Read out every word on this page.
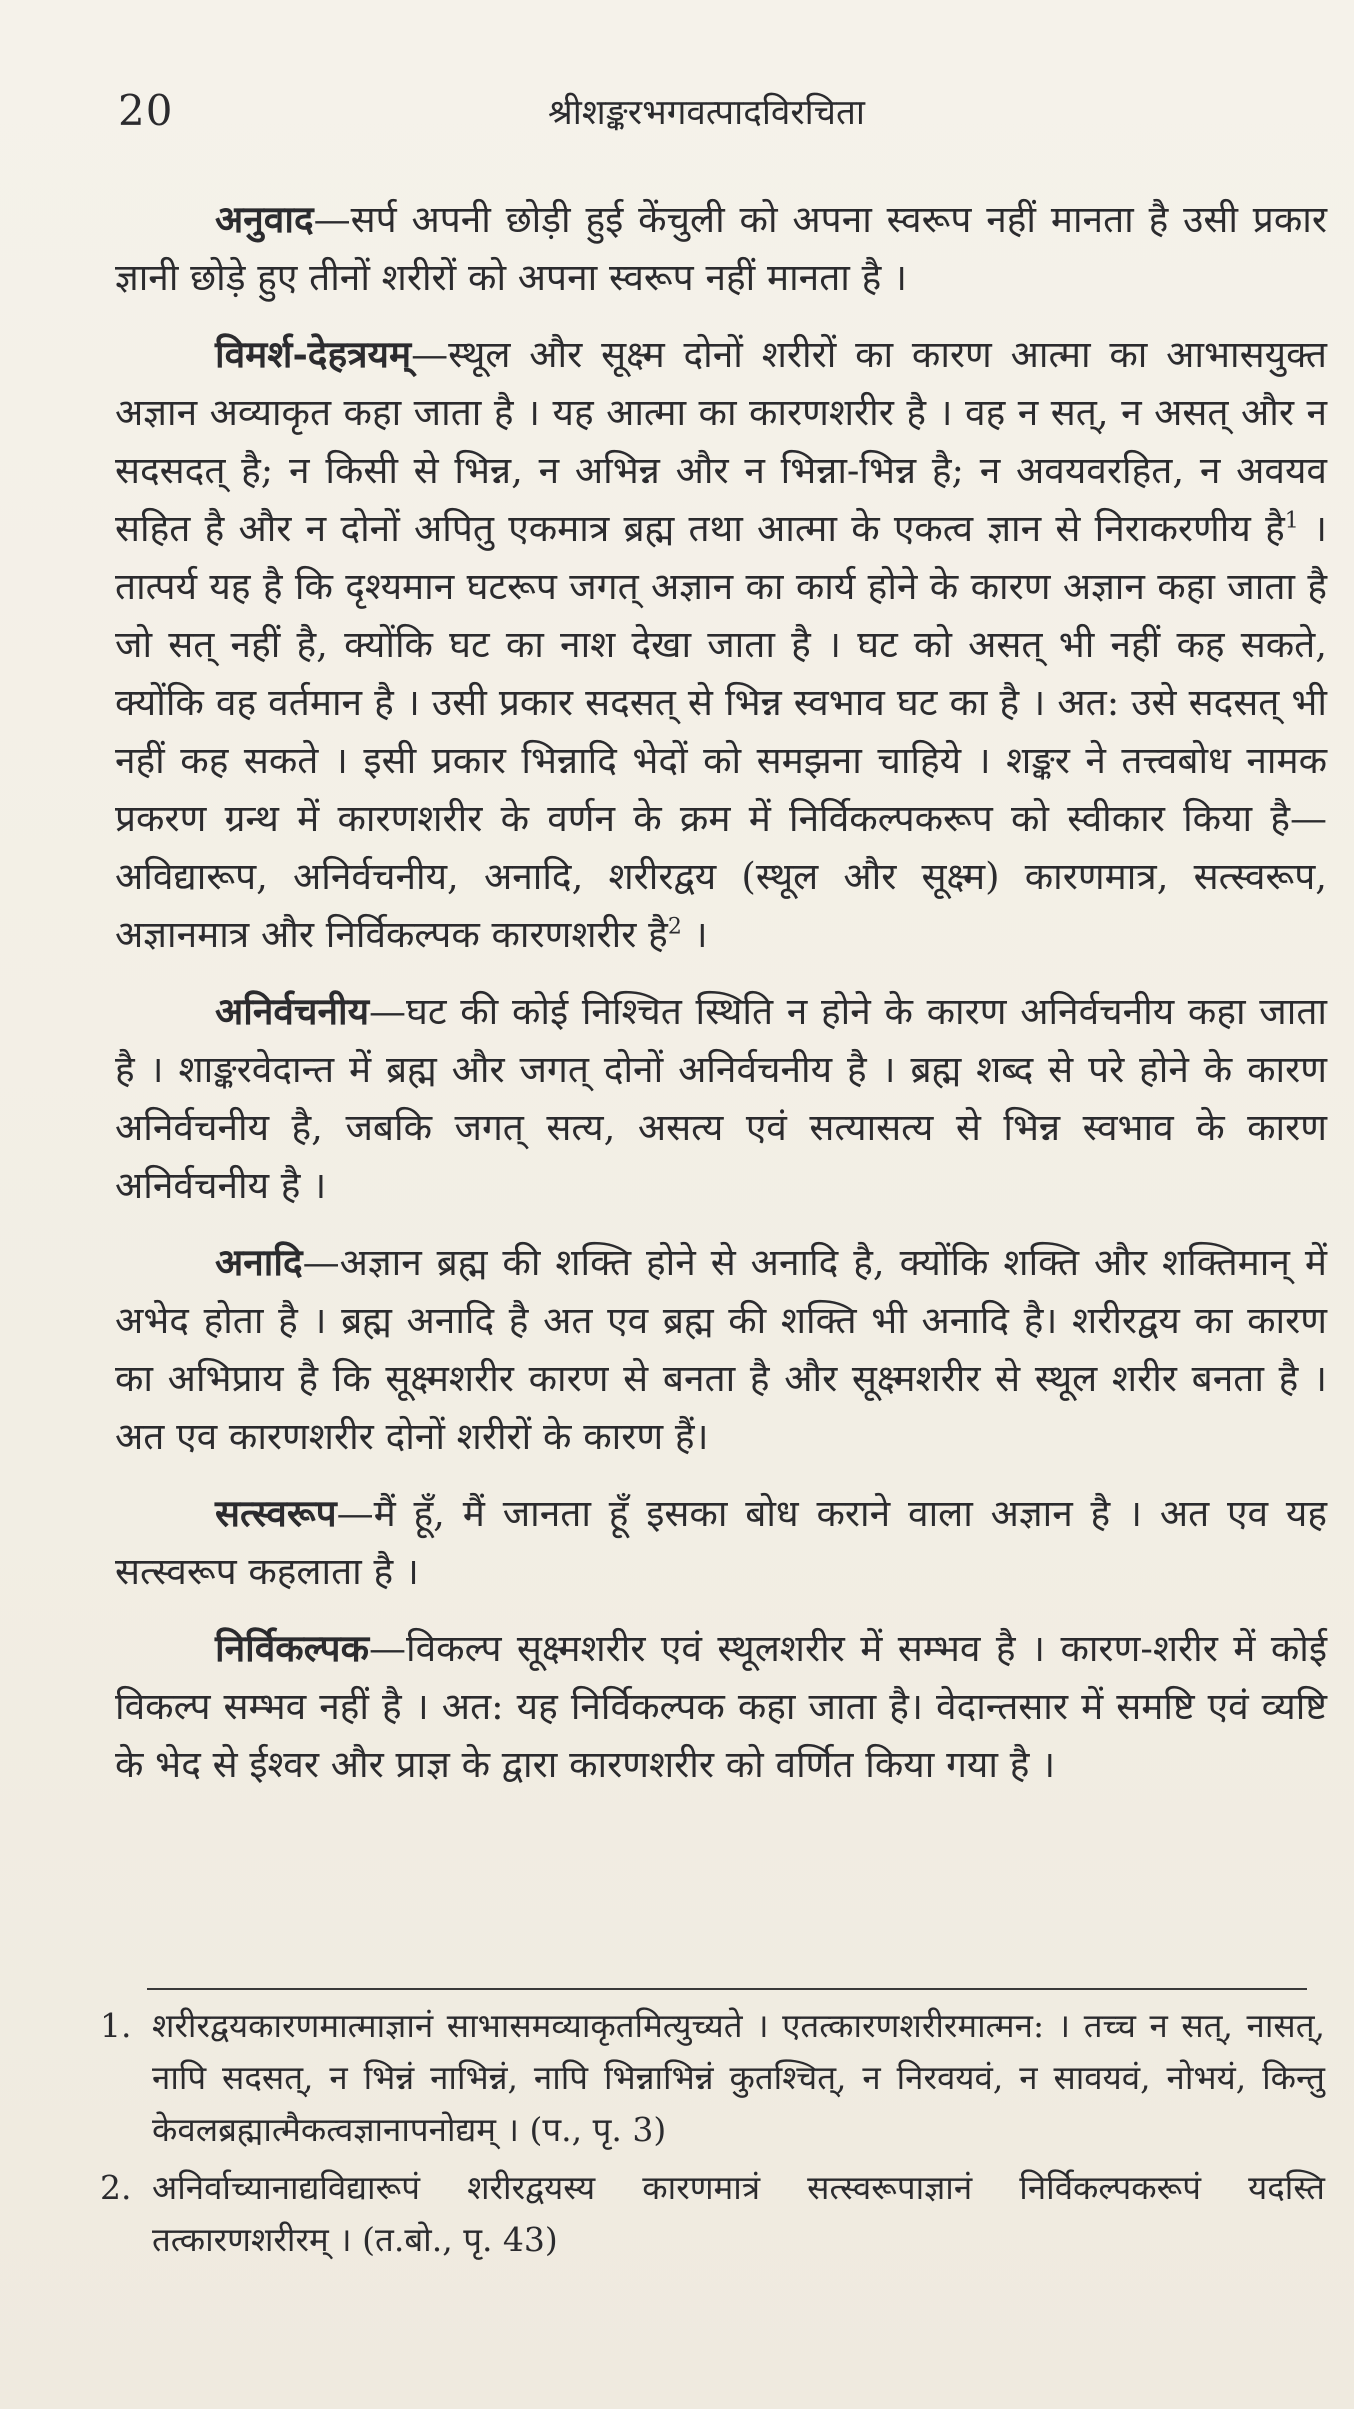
20	श्रीशङ्करभगवत्पादविरचिता

अनुवाद—सर्प अपनी छोड़ी हुई केंचुली को अपना स्वरूप नहीं मानता है उसी प्रकार ज्ञानी छोड़े हुए तीनों शरीरों को अपना स्वरूप नहीं मानता है ।

विमर्श-देहत्रयम्—स्थूल और सूक्ष्म दोनों शरीरों का कारण आत्मा का आभासयुक्त अज्ञान अव्याकृत कहा जाता है । यह आत्मा का कारणशरीर है । वह न सत्, न असत् और न सदसदत् है; न किसी से भिन्न, न अभिन्न और न भिन्ना-भिन्न है; न अवयवरहित, न अवयव सहित है और न दोनों अपितु एकमात्र ब्रह्म तथा आत्मा के एकत्व ज्ञान से निराकरणीय है$^1$ । तात्पर्य यह है कि दृश्यमान घटरूप जगत् अज्ञान का कार्य होने के कारण अज्ञान कहा जाता है जो सत् नहीं है, क्योंकि घट का नाश देखा जाता है । घट को असत् भी नहीं कह सकते, क्योंकि वह वर्तमान है । उसी प्रकार सदसत् से भिन्न स्वभाव घट का है । अत: उसे सदसत् भी नहीं कह सकते । इसी प्रकार भिन्नादि भेदों को समझना चाहिये । शङ्कर ने तत्त्वबोध नामक प्रकरण ग्रन्थ में कारणशरीर के वर्णन के क्रम में निर्विकल्पकरूप को स्वीकार किया है—अविद्यारूप, अनिर्वचनीय, अनादि, शरीरद्वय (स्थूल और सूक्ष्म) कारणमात्र, सत्स्वरूप, अज्ञानमात्र और निर्विकल्पक कारणशरीर है$^2$ ।

अनिर्वचनीय—घट की कोई निश्चित स्थिति न होने के कारण अनिर्वचनीय कहा जाता है । शाङ्करवेदान्त में ब्रह्म और जगत् दोनों अनिर्वचनीय है । ब्रह्म शब्द से परे होने के कारण अनिर्वचनीय है, जबकि जगत् सत्य, असत्य एवं सत्यासत्य से भिन्न स्वभाव के कारण अनिर्वचनीय है ।

अनादि—अज्ञान ब्रह्म की शक्ति होने से अनादि है, क्योंकि शक्ति और शक्तिमान् में अभेद होता है । ब्रह्म अनादि है अत एव ब्रह्म की शक्ति भी अनादि है। शरीरद्वय का कारण का अभिप्राय है कि सूक्ष्मशरीर कारण से बनता है और सूक्ष्मशरीर से स्थूल शरीर बनता है । अत एव कारणशरीर दोनों शरीरों के कारण हैं।

सत्स्वरूप—मैं हूँ, मैं जानता हूँ इसका बोध कराने वाला अज्ञान है । अत एव यह सत्स्वरूप कहलाता है ।

निर्विकल्पक—विकल्प सूक्ष्मशरीर एवं स्थूलशरीर में सम्भव है । कारण-शरीर में कोई विकल्प सम्भव नहीं है । अत: यह निर्विकल्पक कहा जाता है। वेदान्तसार में समष्टि एवं व्यष्टि के भेद से ईश्वर और प्राज्ञ के द्वारा कारणशरीर को वर्णित किया गया है ।

1. शरीरद्वयकारणमात्माज्ञानं साभासमव्याकृतमित्युच्यते । एतत्कारणशरीरमात्मन: । तच्च न सत्, नासत्, नापि सदसत्, न भिन्नं नाभिन्नं, नापि भिन्नाभिन्नं कुतश्चित्, न निरवयवं, न सावयवं, नोभयं, किन्तु केवलब्रह्मात्मैकत्वज्ञानापनोद्यम् । (प., पृ. 3)
2. अनिर्वाच्यानाद्यविद्यारूपं शरीरद्वयस्य कारणमात्रं सत्स्वरूपाज्ञानं निर्विकल्पकरूपं यदस्ति तत्कारणशरीरम् । (त.बो., पृ. 43)
